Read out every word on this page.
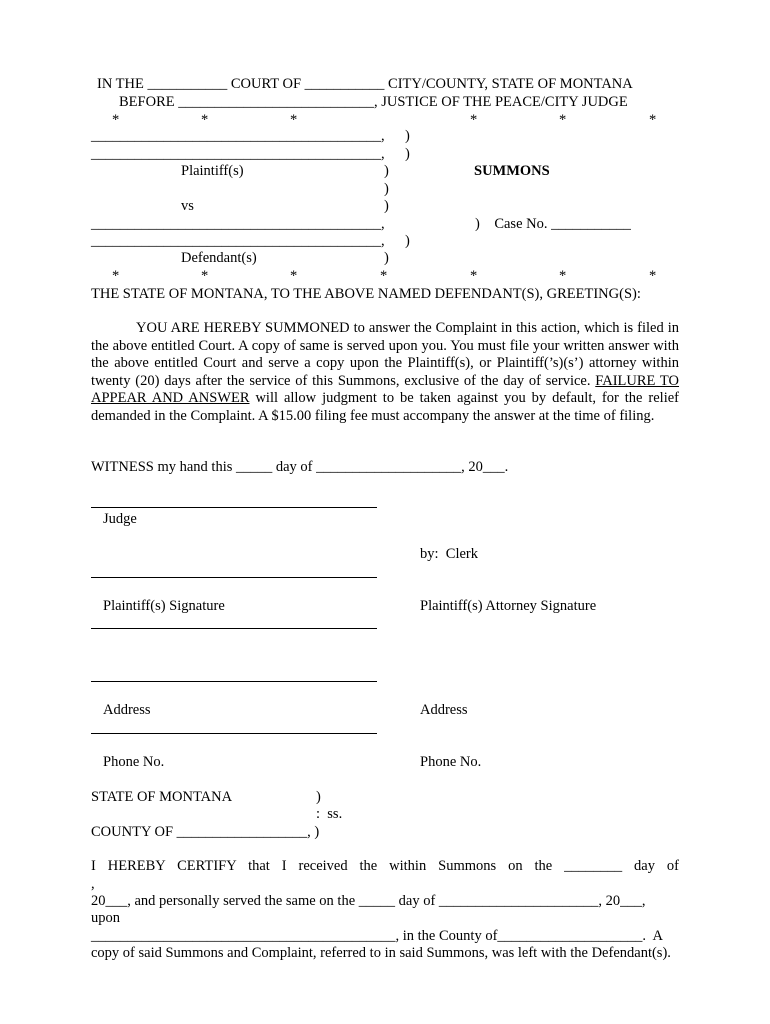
IN THE ___________ COURT OF ___________ CITY/COUNTY, STATE OF MONTANA
BEFORE ___________________________, JUSTICE OF THE PEACE/CITY JUDGE
*	*	*	*	*	*
________________________________________, )
________________________________________, )
Plaintiff(s)	)	SUMMONS
)
vs	)
________________________________________,	)    Case No. ___________
________________________________________, )
Defendant(s)	)
*	*	*	*	*	*	*
THE STATE OF MONTANA, TO THE ABOVE NAMED DEFENDANT(S), GREETING(S):
YOU ARE HEREBY SUMMONED to answer the Complaint in this action, which is filed in the above entitled Court. A copy of same is served upon you. You must file your written answer with the above entitled Court and serve a copy upon the Plaintiff(s), or Plaintiff(’s)(s’) attorney within twenty (20) days after the service of this Summons, exclusive of the day of service. FAILURE TO APPEAR AND ANSWER will allow judgment to be taken against you by default, for the relief demanded in the Complaint. A $15.00 filing fee must accompany the answer at the time of filing.
WITNESS my hand this _____ day of ____________________, 20___.
Judge
by:  Clerk
Plaintiff(s) Signature	Plaintiff(s) Attorney Signature
Address	Address
Phone No.	Phone No.
STATE OF MONTANA	)
:  ss.
COUNTY OF __________________, )
I HEREBY CERTIFY that I received the within Summons on the ________ day of
,
20___, and personally served the same on the _____ day of ______________________, 20___,
upon
__________________________________________, in the County of____________________.  A
copy of said Summons and Complaint, referred to in said Summons, was left with the Defendant(s).
